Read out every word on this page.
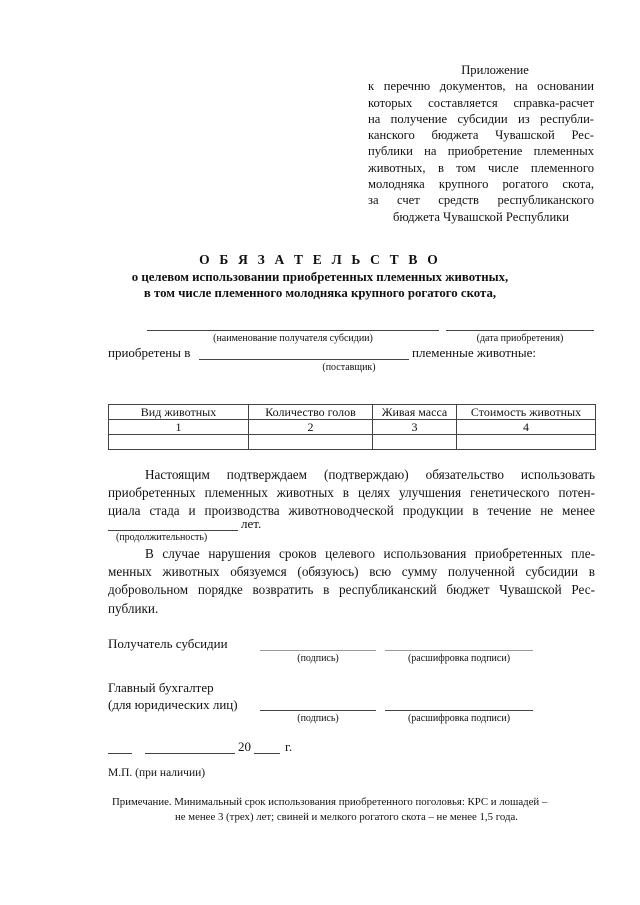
Приложение
к перечню документов, на основании
которых составляется справка-расчет
на получение субсидии из республи-
канского бюджета Чувашской Рес-
публики на приобретение племенных
животных, в том числе племенного
молодняка крупного рогатого скота,
за счет средств республиканского
бюджета Чувашской Республики
О Б Я З А Т Е Л Ь С Т В О
о целевом использовании приобретенных племенных животных,
в том числе племенного молодняка крупного рогатого скота,
(наименование получателя субсидии)	(дата приобретения)
приобретены в	племенные животные:
(поставщик)
Вид животных	Количество голов	Живая масса	Стоимость животных
1	2	3	4

Настоящим подтверждаем (подтверждаю) обязательство использовать
приобретенных племенных животных в целях улучшения генетического потен-
циала стада и производства животноводческой продукции в течение не менее
лет.
(продолжительность)
В случае нарушения сроков целевого использования приобретенных пле-
менных животных обязуемся (обязуюсь) всю сумму полученной субсидии в
добровольном порядке возвратить в республиканский бюджет Чувашской Рес-
публики.
Получатель субсидии
(подпись)	(расшифровка подписи)
Главный бухгалтер
(для юридических лиц)
(подпись)	(расшифровка подписи)
20	г.
М.П. (при наличии)
Примечание. Минимальный срок использования приобретенного поголовья: КРС и лошадей –
не менее 3 (трех) лет; свиней и мелкого рогатого скота – не менее 1,5 года.
